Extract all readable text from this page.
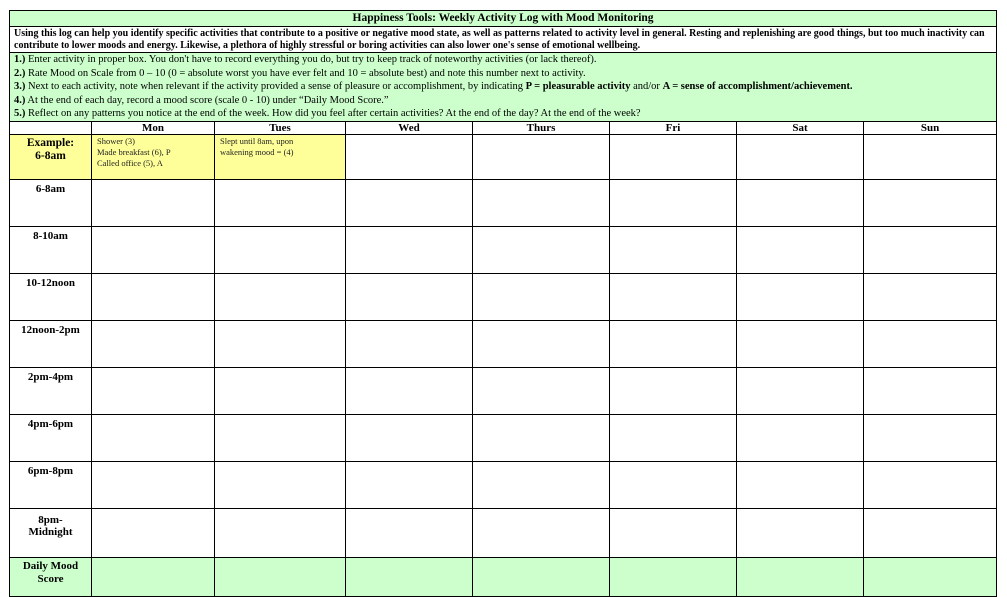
Happiness Tools: Weekly Activity Log with Mood Monitoring							
Using this log can help you identify specific activities that contribute to a positive or negative mood state, as well as patterns related to activity level in general. Resting and replenishing are good things, but too much inactivity can contribute to lower moods and energy. Likewise, a plethora of highly stressful or boring activities can also lower one's sense of emotional wellbeing.							

1.) Enter activity in proper box. You don't have to record everything you do, but try to keep track of noteworthy activities (or lack thereof).
2.) Rate Mood on Scale from 0 – 10 (0 = absolute worst you have ever felt and 10 = absolute best) and note this number next to activity.
3.) Next to each activity, note when relevant if the activity provided a sense of pleasure or accomplishment, by indicating P = pleasurable activity and/or A = sense of accomplishment/achievement.
4.) At the end of each day, record a mood score (scale 0 - 10) under “Daily Mood Score.”
5.) Reflect on any patterns you notice at the end of the week. How did you feel after certain activities? At the end of the day? At the end of the week?							

	Mon	Tues	Wed	Thurs	Fri	Sat	Sun

Example:
6-8am	Shower (3)
Made breakfast (6), P
Called office (5), A	Slept until 8am, upon
wakening mood = (4)					

6-8am							

8-10am							

10-12noon							

12noon-2pm							

2pm-4pm							

4pm-6pm							

6pm-8pm							

8pm-
Midnight							

Daily Mood
Score							
